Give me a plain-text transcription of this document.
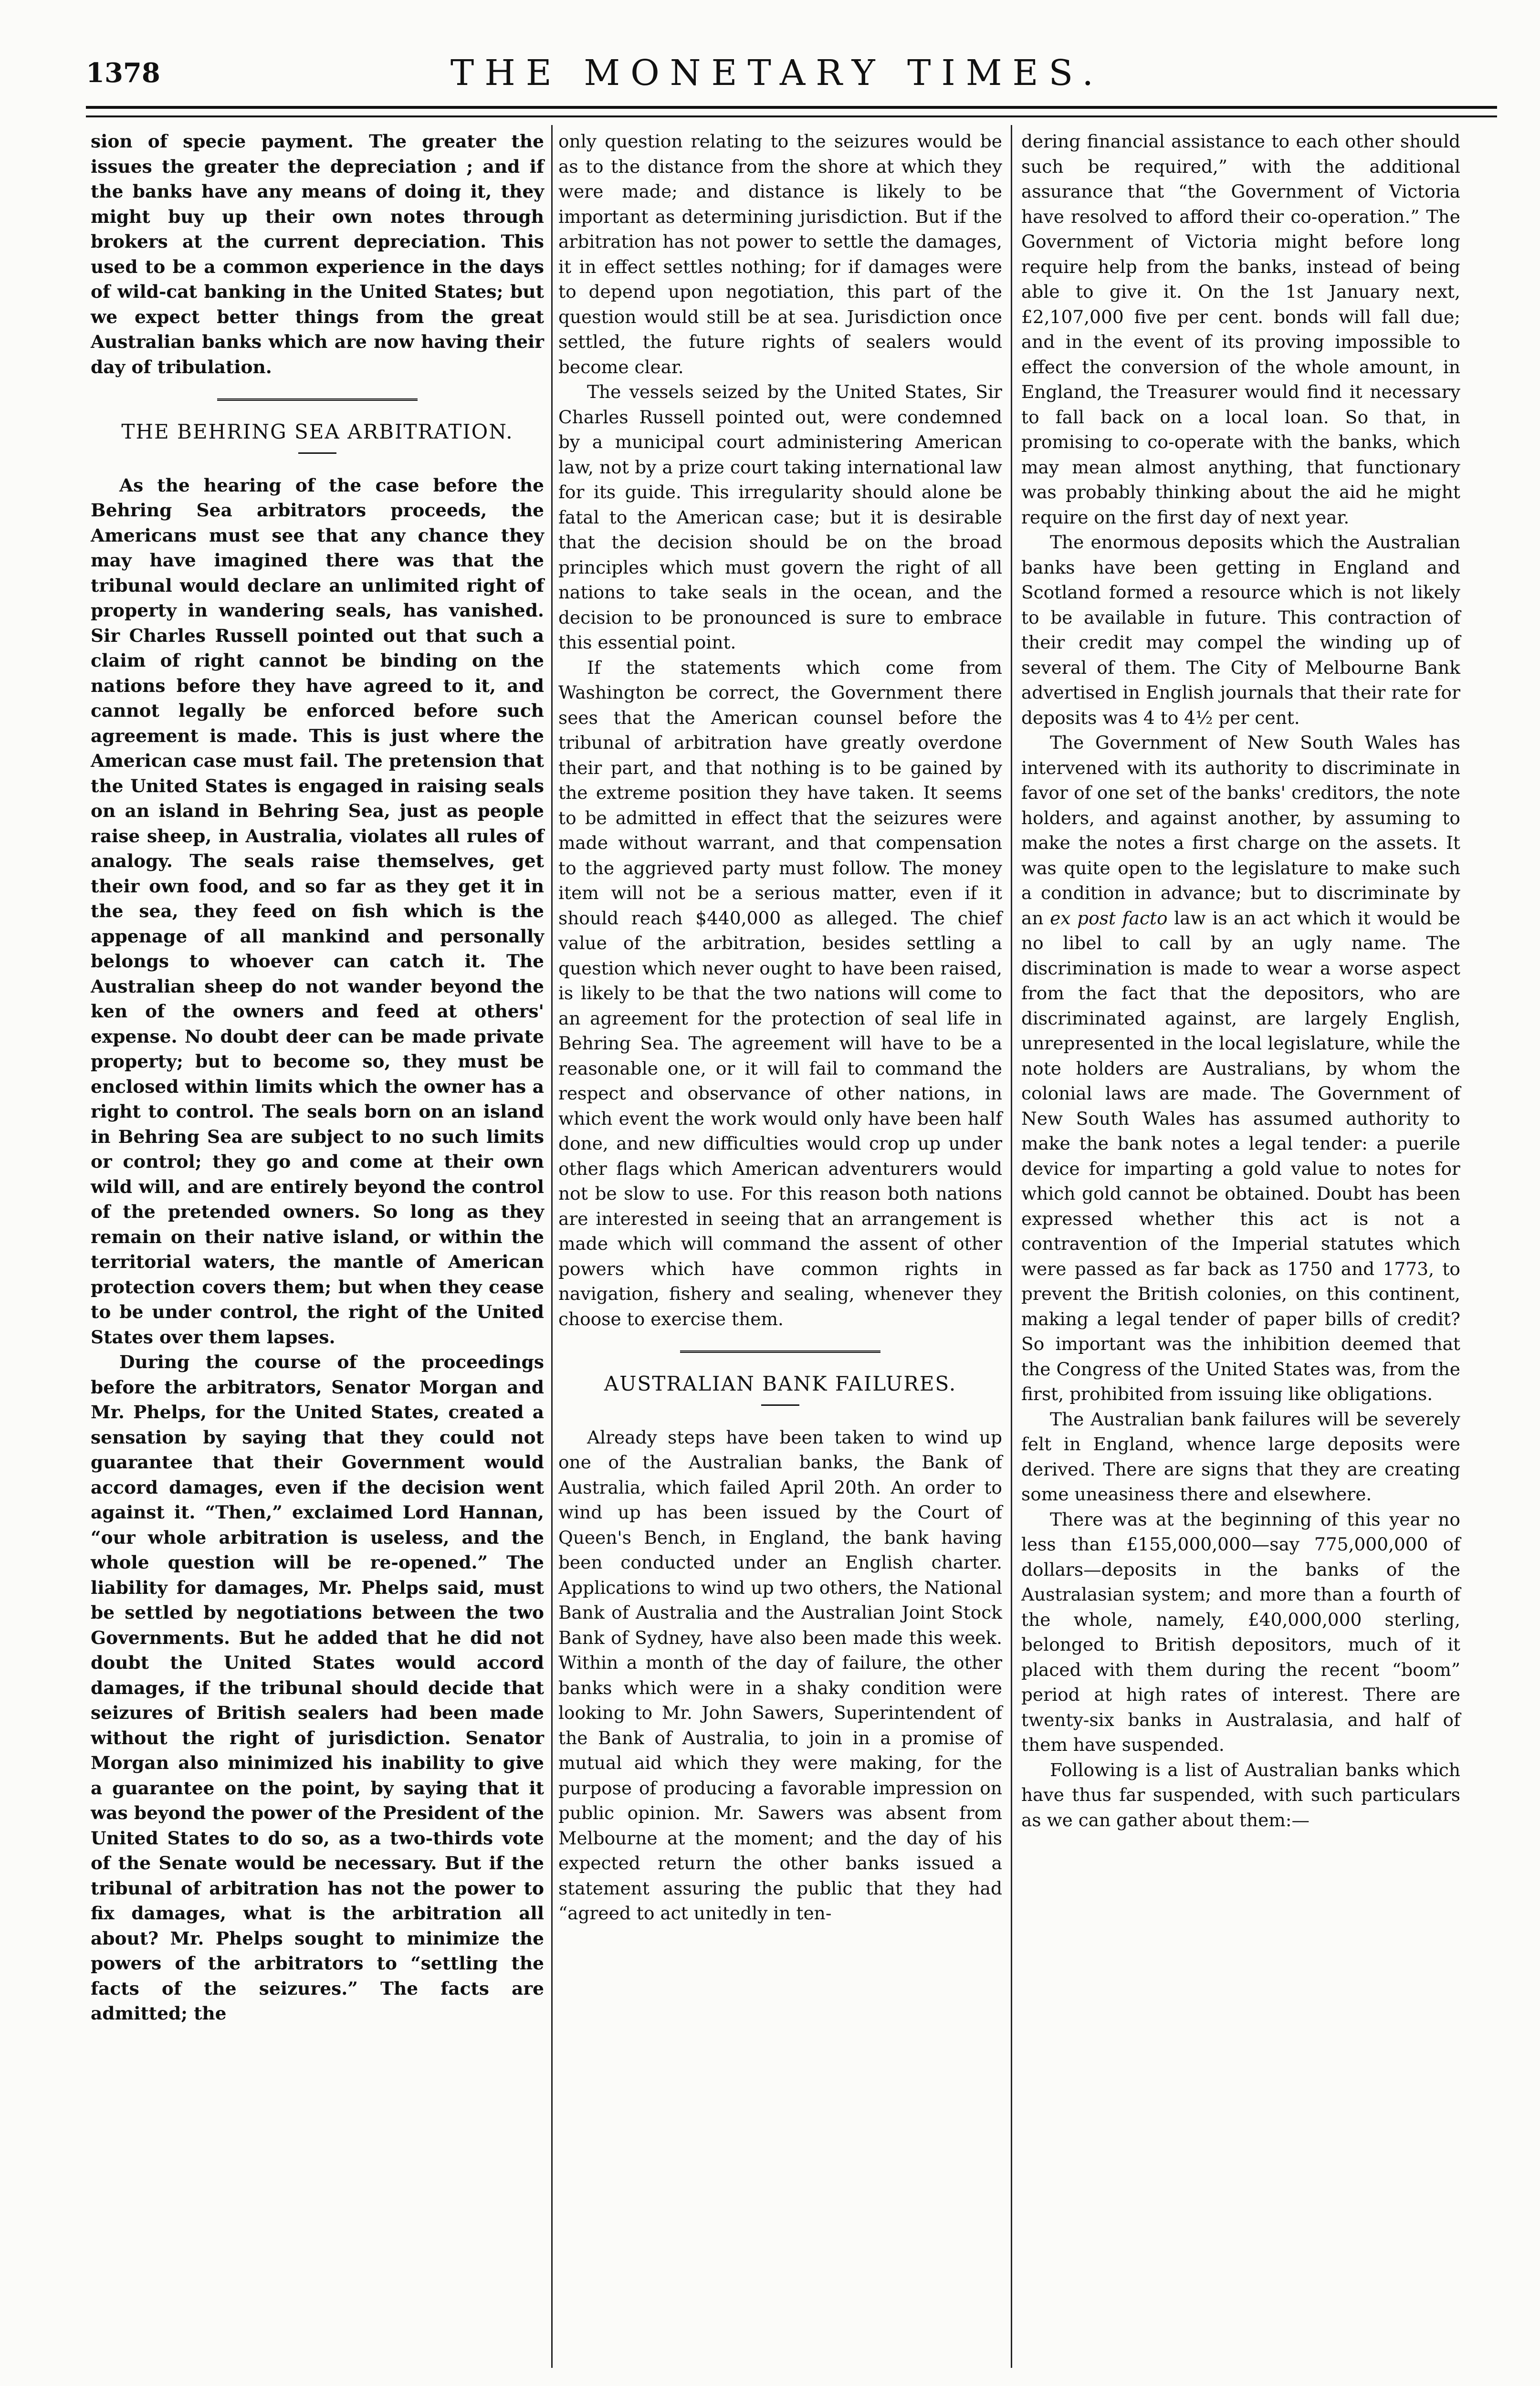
1378	THE MONETARY TIMES.

sion of specie payment. The greater the issues the greater the depreciation ; and if the banks have any means of doing it, they might buy up their own notes through brokers at the current depreciation. This used to be a common experience in the days of wild-cat banking in the United States; but we expect better things from the great Australian banks which are now having their day of tribulation.

THE BEHRING SEA ARBITRATION.

As the hearing of the case before the Behring Sea arbitrators proceeds, the Americans must see that any chance they may have imagined there was that the tribunal would declare an unlimited right of property in wandering seals, has vanished. Sir Charles Russell pointed out that such a claim of right cannot be binding on the nations before they have agreed to it, and cannot legally be enforced before such agreement is made. This is just where the American case must fail. The pretension that the United States is engaged in raising seals on an island in Behring Sea, just as people raise sheep, in Australia, violates all rules of analogy. The seals raise themselves, get their own food, and so far as they get it in the sea, they feed on fish which is the appenage of all mankind and personally belongs to whoever can catch it. The Australian sheep do not wander beyond the ken of the owners and feed at others' expense. No doubt deer can be made private property; but to become so, they must be enclosed within limits which the owner has a right to control. The seals born on an island in Behring Sea are subject to no such limits or control; they go and come at their own wild will, and are entirely beyond the control of the pretended owners. So long as they remain on their native island, or within the territorial waters, the mantle of American protection covers them; but when they cease to be under control, the right of the United States over them lapses.

During the course of the proceedings before the arbitrators, Senator Morgan and Mr. Phelps, for the United States, created a sensation by saying that they could not guarantee that their Government would accord damages, even if the decision went against it. “Then,” exclaimed Lord Hannan, “our whole arbitration is useless, and the whole question will be re-opened.” The liability for damages, Mr. Phelps said, must be settled by negotiations between the two Governments. But he added that he did not doubt the United States would accord damages, if the tribunal should decide that seizures of British sealers had been made without the right of jurisdiction. Senator Morgan also minimized his inability to give a guarantee on the point, by saying that it was beyond the power of the President of the United States to do so, as a two-thirds vote of the Senate would be necessary. But if the tribunal of arbitration has not the power to fix damages, what is the arbitration all about? Mr. Phelps sought to minimize the powers of the arbitrators to “settling the facts of the seizures.” The facts are admitted; the

only question relating to the seizures would be as to the distance from the shore at which they were made; and distance is likely to be important as determining jurisdiction. But if the arbitration has not power to settle the damages, it in effect settles nothing; for if damages were to depend upon negotiation, this part of the question would still be at sea. Jurisdiction once settled, the future rights of sealers would become clear.

The vessels seized by the United States, Sir Charles Russell pointed out, were condemned by a municipal court administering American law, not by a prize court taking international law for its guide. This irregularity should alone be fatal to the American case; but it is desirable that the decision should be on the broad principles which must govern the right of all nations to take seals in the ocean, and the decision to be pronounced is sure to embrace this essential point.

If the statements which come from Washington be correct, the Government there sees that the American counsel before the tribunal of arbitration have greatly overdone their part, and that nothing is to be gained by the extreme position they have taken. It seems to be admitted in effect that the seizures were made without warrant, and that compensation to the aggrieved party must follow. The money item will not be a serious matter, even if it should reach $440,000 as alleged. The chief value of the arbitration, besides settling a question which never ought to have been raised, is likely to be that the two nations will come to an agreement for the protection of seal life in Behring Sea. The agreement will have to be a reasonable one, or it will fail to command the respect and observance of other nations, in which event the work would only have been half done, and new difficulties would crop up under other flags which American adventurers would not be slow to use. For this reason both nations are interested in seeing that an arrangement is made which will command the assent of other powers which have common rights in navigation, fishery and sealing, whenever they choose to exercise them.

AUSTRALIAN BANK FAILURES.

Already steps have been taken to wind up one of the Australian banks, the Bank of Australia, which failed April 20th. An order to wind up has been issued by the Court of Queen's Bench, in England, the bank having been conducted under an English charter. Applications to wind up two others, the National Bank of Australia and the Australian Joint Stock Bank of Sydney, have also been made this week. Within a month of the day of failure, the other banks which were in a shaky condition were looking to Mr. John Sawers, Superintendent of the Bank of Australia, to join in a promise of mutual aid which they were making, for the purpose of producing a favorable impression on public opinion. Mr. Sawers was absent from Melbourne at the moment; and the day of his expected return the other banks issued a statement assuring the public that they had “agreed to act unitedly in ten-

dering financial assistance to each other should such be required,” with the additional assurance that “the Government of Victoria have resolved to afford their co-operation.” The Government of Victoria might before long require help from the banks, instead of being able to give it. On the 1st January next, £2,107,000 five per cent. bonds will fall due; and in the event of its proving impossible to effect the conversion of the whole amount, in England, the Treasurer would find it necessary to fall back on a local loan. So that, in promising to co-operate with the banks, which may mean almost anything, that functionary was probably thinking about the aid he might require on the first day of next year.

The enormous deposits which the Australian banks have been getting in England and Scotland formed a resource which is not likely to be available in future. This contraction of their credit may compel the winding up of several of them. The City of Melbourne Bank advertised in English journals that their rate for deposits was 4 to 4½ per cent.

The Government of New South Wales has intervened with its authority to discriminate in favor of one set of the banks' creditors, the note holders, and against another, by assuming to make the notes a first charge on the assets. It was quite open to the legislature to make such a condition in advance; but to discriminate by an ex post facto law is an act which it would be no libel to call by an ugly name. The discrimination is made to wear a worse aspect from the fact that the depositors, who are discriminated against, are largely English, unrepresented in the local legislature, while the note holders are Australians, by whom the colonial laws are made. The Government of New South Wales has assumed authority to make the bank notes a legal tender: a puerile device for imparting a gold value to notes for which gold cannot be obtained. Doubt has been expressed whether this act is not a contravention of the Imperial statutes which were passed as far back as 1750 and 1773, to prevent the British colonies, on this continent, making a legal tender of paper bills of credit? So important was the inhibition deemed that the Congress of the United States was, from the first, prohibited from issuing like obligations.

The Australian bank failures will be severely felt in England, whence large deposits were derived. There are signs that they are creating some uneasiness there and elsewhere.

There was at the beginning of this year no less than £155,000,000—say 775,000,000 of dollars—deposits in the banks of the Australasian system; and more than a fourth of the whole, namely, £40,000,000 sterling, belonged to British depositors, much of it placed with them during the recent “boom” period at high rates of interest. There are twenty-six banks in Australasia, and half of them have suspended.

Following is a list of Australian banks which have thus far suspended, with such particulars as we can gather about them:—
